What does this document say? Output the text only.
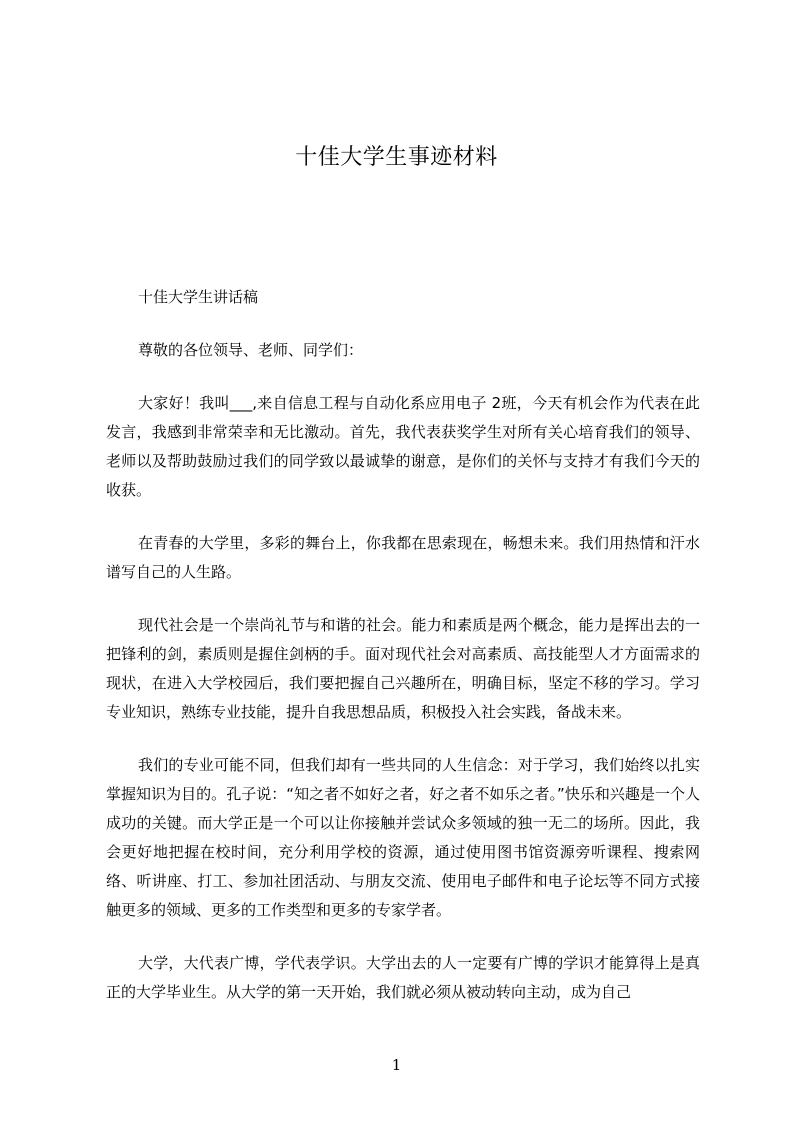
十佳大学生事迹材料

十佳大学生讲话稿

尊敬的各位领导、老师、同学们：

大家好！我叫___,来自信息工程与自动化系应用电子 2班，今天有机会作为代表在此发言，我感到非常荣幸和无比激动。首先，我代表获奖学生对所有关心培育我们的领导、老师以及帮助鼓励过我们的同学致以最诚挚的谢意，是你们的关怀与支持才有我们今天的收获。

在青春的大学里，多彩的舞台上，你我都在思索现在，畅想未来。我们用热情和汗水谱写自己的人生路。

现代社会是一个崇尚礼节与和谐的社会。能力和素质是两个概念，能力是挥出去的一把锋利的剑，素质则是握住剑柄的手。面对现代社会对高素质、高技能型人才方面需求的现状，在进入大学校园后，我们要把握自己兴趣所在，明确目标，坚定不移的学习。学习专业知识，熟练专业技能，提升自我思想品质，积极投入社会实践，备战未来。

我们的专业可能不同，但我们却有一些共同的人生信念：对于学习，我们始终以扎实掌握知识为目的。孔子说：“知之者不如好之者，好之者不如乐之者。”快乐和兴趣是一个人成功的关键。而大学正是一个可以让你接触并尝试众多领域的独一无二的场所。因此，我会更好地把握在校时间，充分利用学校的资源，通过使用图书馆资源旁听课程、搜索网络、听讲座、打工、参加社团活动、与朋友交流、使用电子邮件和电子论坛等不同方式接触更多的领域、更多的工作类型和更多的专家学者。

大学，大代表广博，学代表学识。大学出去的人一定要有广博的学识才能算得上是真正的大学毕业生。从大学的第一天开始，我们就必须从被动转向主动，成为自己

1
